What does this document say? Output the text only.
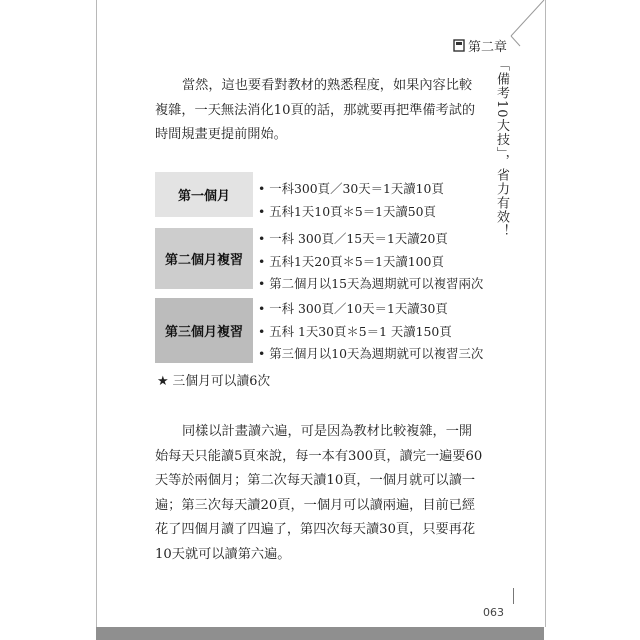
第二章
「備考10大技」，省力有效！

當然，這也要看對教材的熟悉程度，如果內容比較複雜，一天無法消化10頁的話，那就要再把準備考試的時間規畫更提前開始。

第一個月
• 一科300頁／30天＝1天讀10頁
• 五科1天10頁＊5＝1天讀50頁
第二個月複習
• 一科 300頁／15天＝1天讀20頁
• 五科1天20頁＊5＝1天讀100頁
• 第二個月以15天為週期就可以複習兩次
第三個月複習
• 一科 300頁／10天＝1天讀30頁
• 五科 1天30頁＊5＝1 天讀150頁
• 第三個月以10天為週期就可以複習三次
★ 三個月可以讀6次

同樣以計畫讀六遍，可是因為教材比較複雜，一開始每天只能讀5頁來說，每一本有300頁，讀完一遍要60天等於兩個月；第二次每天讀10頁，一個月就可以讀一遍；第三次每天讀20頁，一個月可以讀兩遍，目前已經花了四個月讀了四遍了，第四次每天讀30頁，只要再花10天就可以讀第六遍。

063
